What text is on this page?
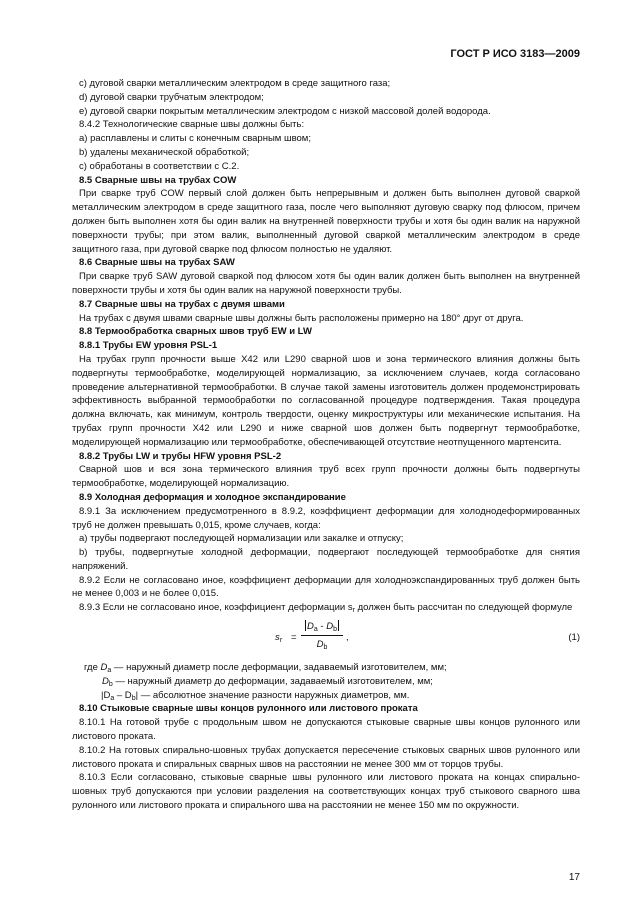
ГОСТ Р ИСО 3183—2009

c) дуговой сварки металлическим электродом в среде защитного газа;

d) дуговой сварки трубчатым электродом;

e) дуговой сварки покрытым металлическим электродом с низкой массовой долей водорода.

8.4.2 Технологические сварные швы должны быть:

a) расплавлены и слиты с конечным сварным швом;

b) удалены механической обработкой;

c) обработаны в соответствии с С.2.

8.5 Сварные швы на трубах COW

При сварке труб COW первый слой должен быть непрерывным и должен быть выполнен дуговой сваркой металлическим электродом в среде защитного газа, после чего выполняют дуговую сварку под флюсом, причем должен быть выполнен хотя бы один валик на внутренней поверхности трубы и хотя бы один валик на наружной поверхности трубы; при этом валик, выполненный дуговой сваркой металлическим электродом в среде защитного газа, при дуговой сварке под флюсом полностью не удаляют.

8.6 Сварные швы на трубах SAW

При сварке труб SAW дуговой сваркой под флюсом хотя бы один валик должен быть выполнен на внутренней поверхности трубы и хотя бы один валик на наружной поверхности трубы.

8.7 Сварные швы на трубах с двумя швами

На трубах с двумя швами сварные швы должны быть расположены примерно на 180° друг от друга.

8.8 Термообработка сварных швов труб EW и LW

8.8.1 Трубы EW уровня PSL-1

На трубах групп прочности выше X42 или L290 сварной шов и зона термического влияния должны быть подвергнуты термообработке, моделирующей нормализацию, за исключением случаев, когда согласовано проведение альтернативной термообработки. В случае такой замены изготовитель должен продемонстрировать эффективность выбранной термообработки по согласованной процедуре подтверждения. Такая процедура должна включать, как минимум, контроль твердости, оценку микроструктуры или механические испытания. На трубах групп прочности X42 или L290 и ниже сварной шов должен быть подвергнут термообработке, моделирующей нормализацию или термообработке, обеспечивающей отсутствие неотпущенного мартенсита.

8.8.2 Трубы LW и трубы HFW уровня PSL-2

Сварной шов и вся зона термического влияния труб всех групп прочности должны быть подвергнуты термообработке, моделирующей нормализацию.

8.9 Холодная деформация и холодное экспандирование

8.9.1 За исключением предусмотренного в 8.9.2, коэффициент деформации для холоднодеформированных труб не должен превышать 0,015, кроме случаев, когда:

a) трубы подвергают последующей нормализации или закалке и отпуску;

b) трубы, подвергнутые холодной деформации, подвергают последующей термообработке для снятия напряжений.

8.9.2 Если не согласовано иное, коэффициент деформации для холодноэкспандированных труб должен быть не менее 0,003 и не более 0,015.

8.9.3 Если не согласовано иное, коэффициент деформации $s_r$ должен быть рассчитан по следующей формуле

$s_r = \frac{D_a - D_b}{D_b}$ ,	(1)

где $D_a$ — наружный диаметр после деформации, задаваемый изготовителем, мм;

$D_b$ — наружный диаметр до деформации, задаваемый изготовителем, мм;

$|D_a - D_b|$ — абсолютное значение разности наружных диаметров, мм.

8.10 Стыковые сварные швы концов рулонного или листового проката

8.10.1 На готовой трубе с продольным швом не допускаются стыковые сварные швы концов рулонного или листового проката.

8.10.2 На готовых спирально-шовных трубах допускается пересечение стыковых сварных швов рулонного или листового проката и спиральных сварных швов на расстоянии не менее 300 мм от торцов трубы.

8.10.3 Если согласовано, стыковые сварные швы рулонного или листового проката на концах спирально-шовных труб допускаются при условии разделения на соответствующих концах труб стыкового сварного шва рулонного или листового проката и спирального шва на расстоянии не менее 150 мм по окружности.

17
